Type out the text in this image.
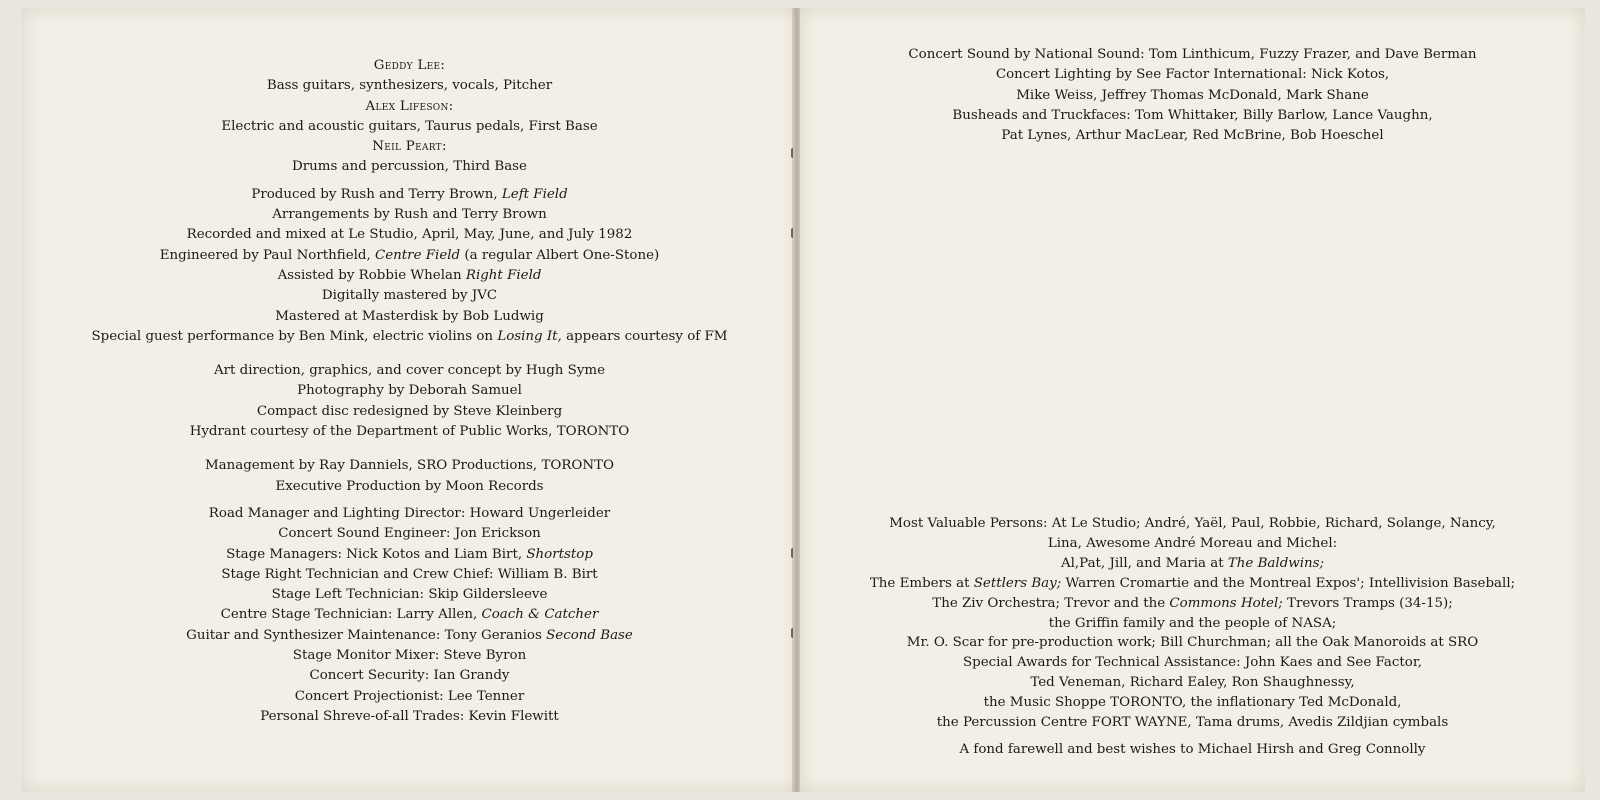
Geddy Lee:
Bass guitars, synthesizers, vocals, Pitcher
Alex Lifeson:
Electric and acoustic guitars, Taurus pedals, First Base
Neil Peart:
Drums and percussion, Third Base
Produced by Rush and Terry Brown, Left Field
Arrangements by Rush and Terry Brown
Recorded and mixed at Le Studio, April, May, June, and July 1982
Engineered by Paul Northfield, Centre Field (a regular Albert One-Stone)
Assisted by Robbie Whelan Right Field
Digitally mastered by JVC
Mastered at Masterdisk by Bob Ludwig
Special guest performance by Ben Mink, electric violins on Losing It, appears courtesy of FM
Art direction, graphics, and cover concept by Hugh Syme
Photography by Deborah Samuel
Compact disc redesigned by Steve Kleinberg
Hydrant courtesy of the Department of Public Works, TORONTO
Management by Ray Danniels, SRO Productions, TORONTO
Executive Production by Moon Records
Road Manager and Lighting Director: Howard Ungerleider
Concert Sound Engineer: Jon Erickson
Stage Managers: Nick Kotos and Liam Birt, Shortstop
Stage Right Technician and Crew Chief: William B. Birt
Stage Left Technician: Skip Gildersleeve
Centre Stage Technician: Larry Allen, Coach & Catcher
Guitar and Synthesizer Maintenance: Tony Geranios Second Base
Stage Monitor Mixer: Steve Byron
Concert Security: Ian Grandy
Concert Projectionist: Lee Tenner
Personal Shreve-of-all Trades: Kevin Flewitt
Concert Sound by National Sound: Tom Linthicum, Fuzzy Frazer, and Dave Berman
Concert Lighting by See Factor International: Nick Kotos,
Mike Weiss, Jeffrey Thomas McDonald, Mark Shane
Busheads and Truckfaces: Tom Whittaker, Billy Barlow, Lance Vaughn,
Pat Lynes, Arthur MacLear, Red McBrine, Bob Hoeschel
Most Valuable Persons: At Le Studio; André, Yaël, Paul, Robbie, Richard, Solange, Nancy,
Lina, Awesome André Moreau and Michel:
Al,Pat, Jill, and Maria at The Baldwins;
The Embers at Settlers Bay; Warren Cromartie and the Montreal Expos'; Intellivision Baseball;
The Ziv Orchestra; Trevor and the Commons Hotel; Trevors Tramps (34-15);
the Griffin family and the people of NASA;
Mr. O. Scar for pre-production work; Bill Churchman; all the Oak Manoroids at SRO
Special Awards for Technical Assistance: John Kaes and See Factor,
Ted Veneman, Richard Ealey, Ron Shaughnessy,
the Music Shoppe TORONTO, the inflationary Ted McDonald,
the Percussion Centre FORT WAYNE, Tama drums, Avedis Zildjian cymbals
A fond farewell and best wishes to Michael Hirsh and Greg Connolly
